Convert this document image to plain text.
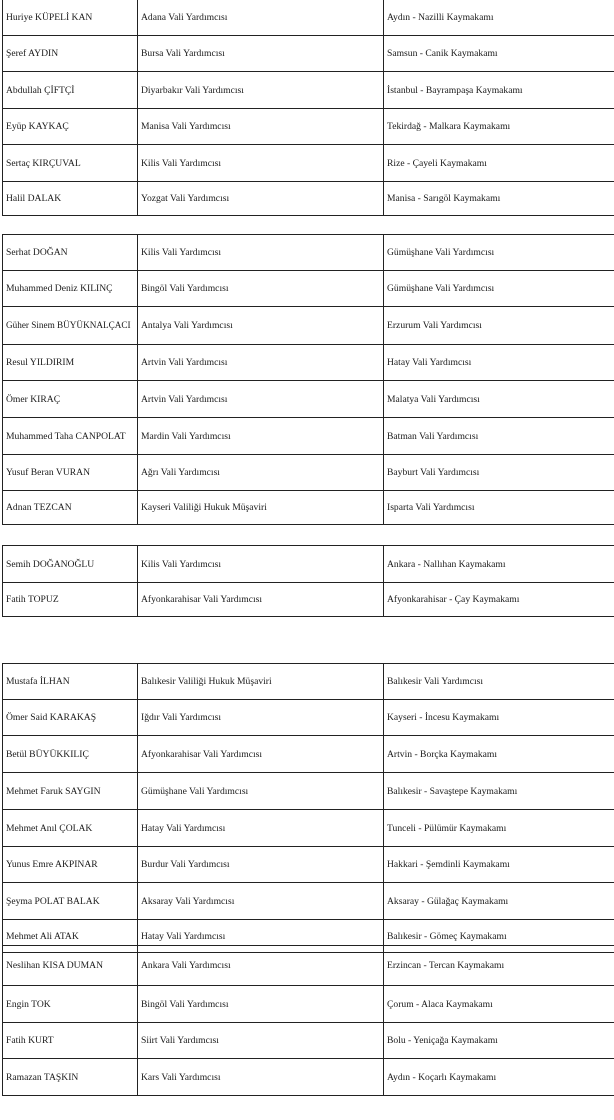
Huriye KÜPELİ KAN	Adana Vali Yardımcısı	Aydın - Nazilli Kaymakamı
Şeref AYDIN	Bursa Vali Yardımcısı	Samsun - Canik Kaymakamı
Abdullah ÇİFTÇİ	Diyarbakır Vali Yardımcısı	İstanbul - Bayrampaşa Kaymakamı
Eyüp KAYKAÇ	Manisa Vali Yardımcısı	Tekirdağ - Malkara Kaymakamı
Sertaç KIRÇUVAL	Kilis Vali Yardımcısı	Rize - Çayeli Kaymakamı
Halil DALAK	Yozgat Vali Yardımcısı	Manisa - Sarıgöl Kaymakamı
Serhat DOĞAN	Kilis Vali Yardımcısı	Gümüşhane Vali Yardımcısı
Muhammed Deniz KILINÇ	Bingöl Vali Yardımcısı	Gümüşhane Vali Yardımcısı
Güher Sinem BÜYÜKNALÇACI	Antalya Vali Yardımcısı	Erzurum Vali Yardımcısı
Resul YILDIRIM	Artvin Vali Yardımcısı	Hatay Vali Yardımcısı
Ömer KIRAÇ	Artvin Vali Yardımcısı	Malatya Vali Yardımcısı
Muhammed Taha CANPOLAT	Mardin Vali Yardımcısı	Batman Vali Yardımcısı
Yusuf Beran VURAN	Ağrı Vali Yardımcısı	Bayburt Vali Yardımcısı
Adnan TEZCAN	Kayseri Valiliği Hukuk Müşaviri	Isparta Vali Yardımcısı
Semih DOĞANOĞLU	Kilis Vali Yardımcısı	Ankara - Nallıhan Kaymakamı
Fatih TOPUZ	Afyonkarahisar Vali Yardımcısı	Afyonkarahisar - Çay Kaymakamı
Mustafa İLHAN	Balıkesir Valiliği Hukuk Müşaviri	Balıkesir Vali Yardımcısı
Ömer Said KARAKAŞ	Iğdır Vali Yardımcısı	Kayseri - İncesu Kaymakamı
Betül BÜYÜKKILIÇ	Afyonkarahisar Vali Yardımcısı	Artvin - Borçka Kaymakamı
Mehmet Faruk SAYGIN	Gümüşhane Vali Yardımcısı	Balıkesir - Savaştepe Kaymakamı
Mehmet Anıl ÇOLAK	Hatay Vali Yardımcısı	Tunceli - Pülümür Kaymakamı
Yunus Emre AKPINAR	Burdur Vali Yardımcısı	Hakkari - Şemdinli Kaymakamı
Şeyma POLAT BALAK	Aksaray Vali Yardımcısı	Aksaray - Gülağaç Kaymakamı
Mehmet Ali ATAK	Hatay Vali Yardımcısı	Balıkesir - Gömeç Kaymakamı
Neslihan KISA DUMAN	Ankara Vali Yardımcısı	Erzincan - Tercan Kaymakamı
Engin TOK	Bingöl Vali Yardımcısı	Çorum - Alaca Kaymakamı
Fatih KURT	Siirt Vali Yardımcısı	Bolu - Yeniçağa Kaymakamı
Ramazan TAŞKIN	Kars Vali Yardımcısı	Aydın - Koçarlı Kaymakamı
